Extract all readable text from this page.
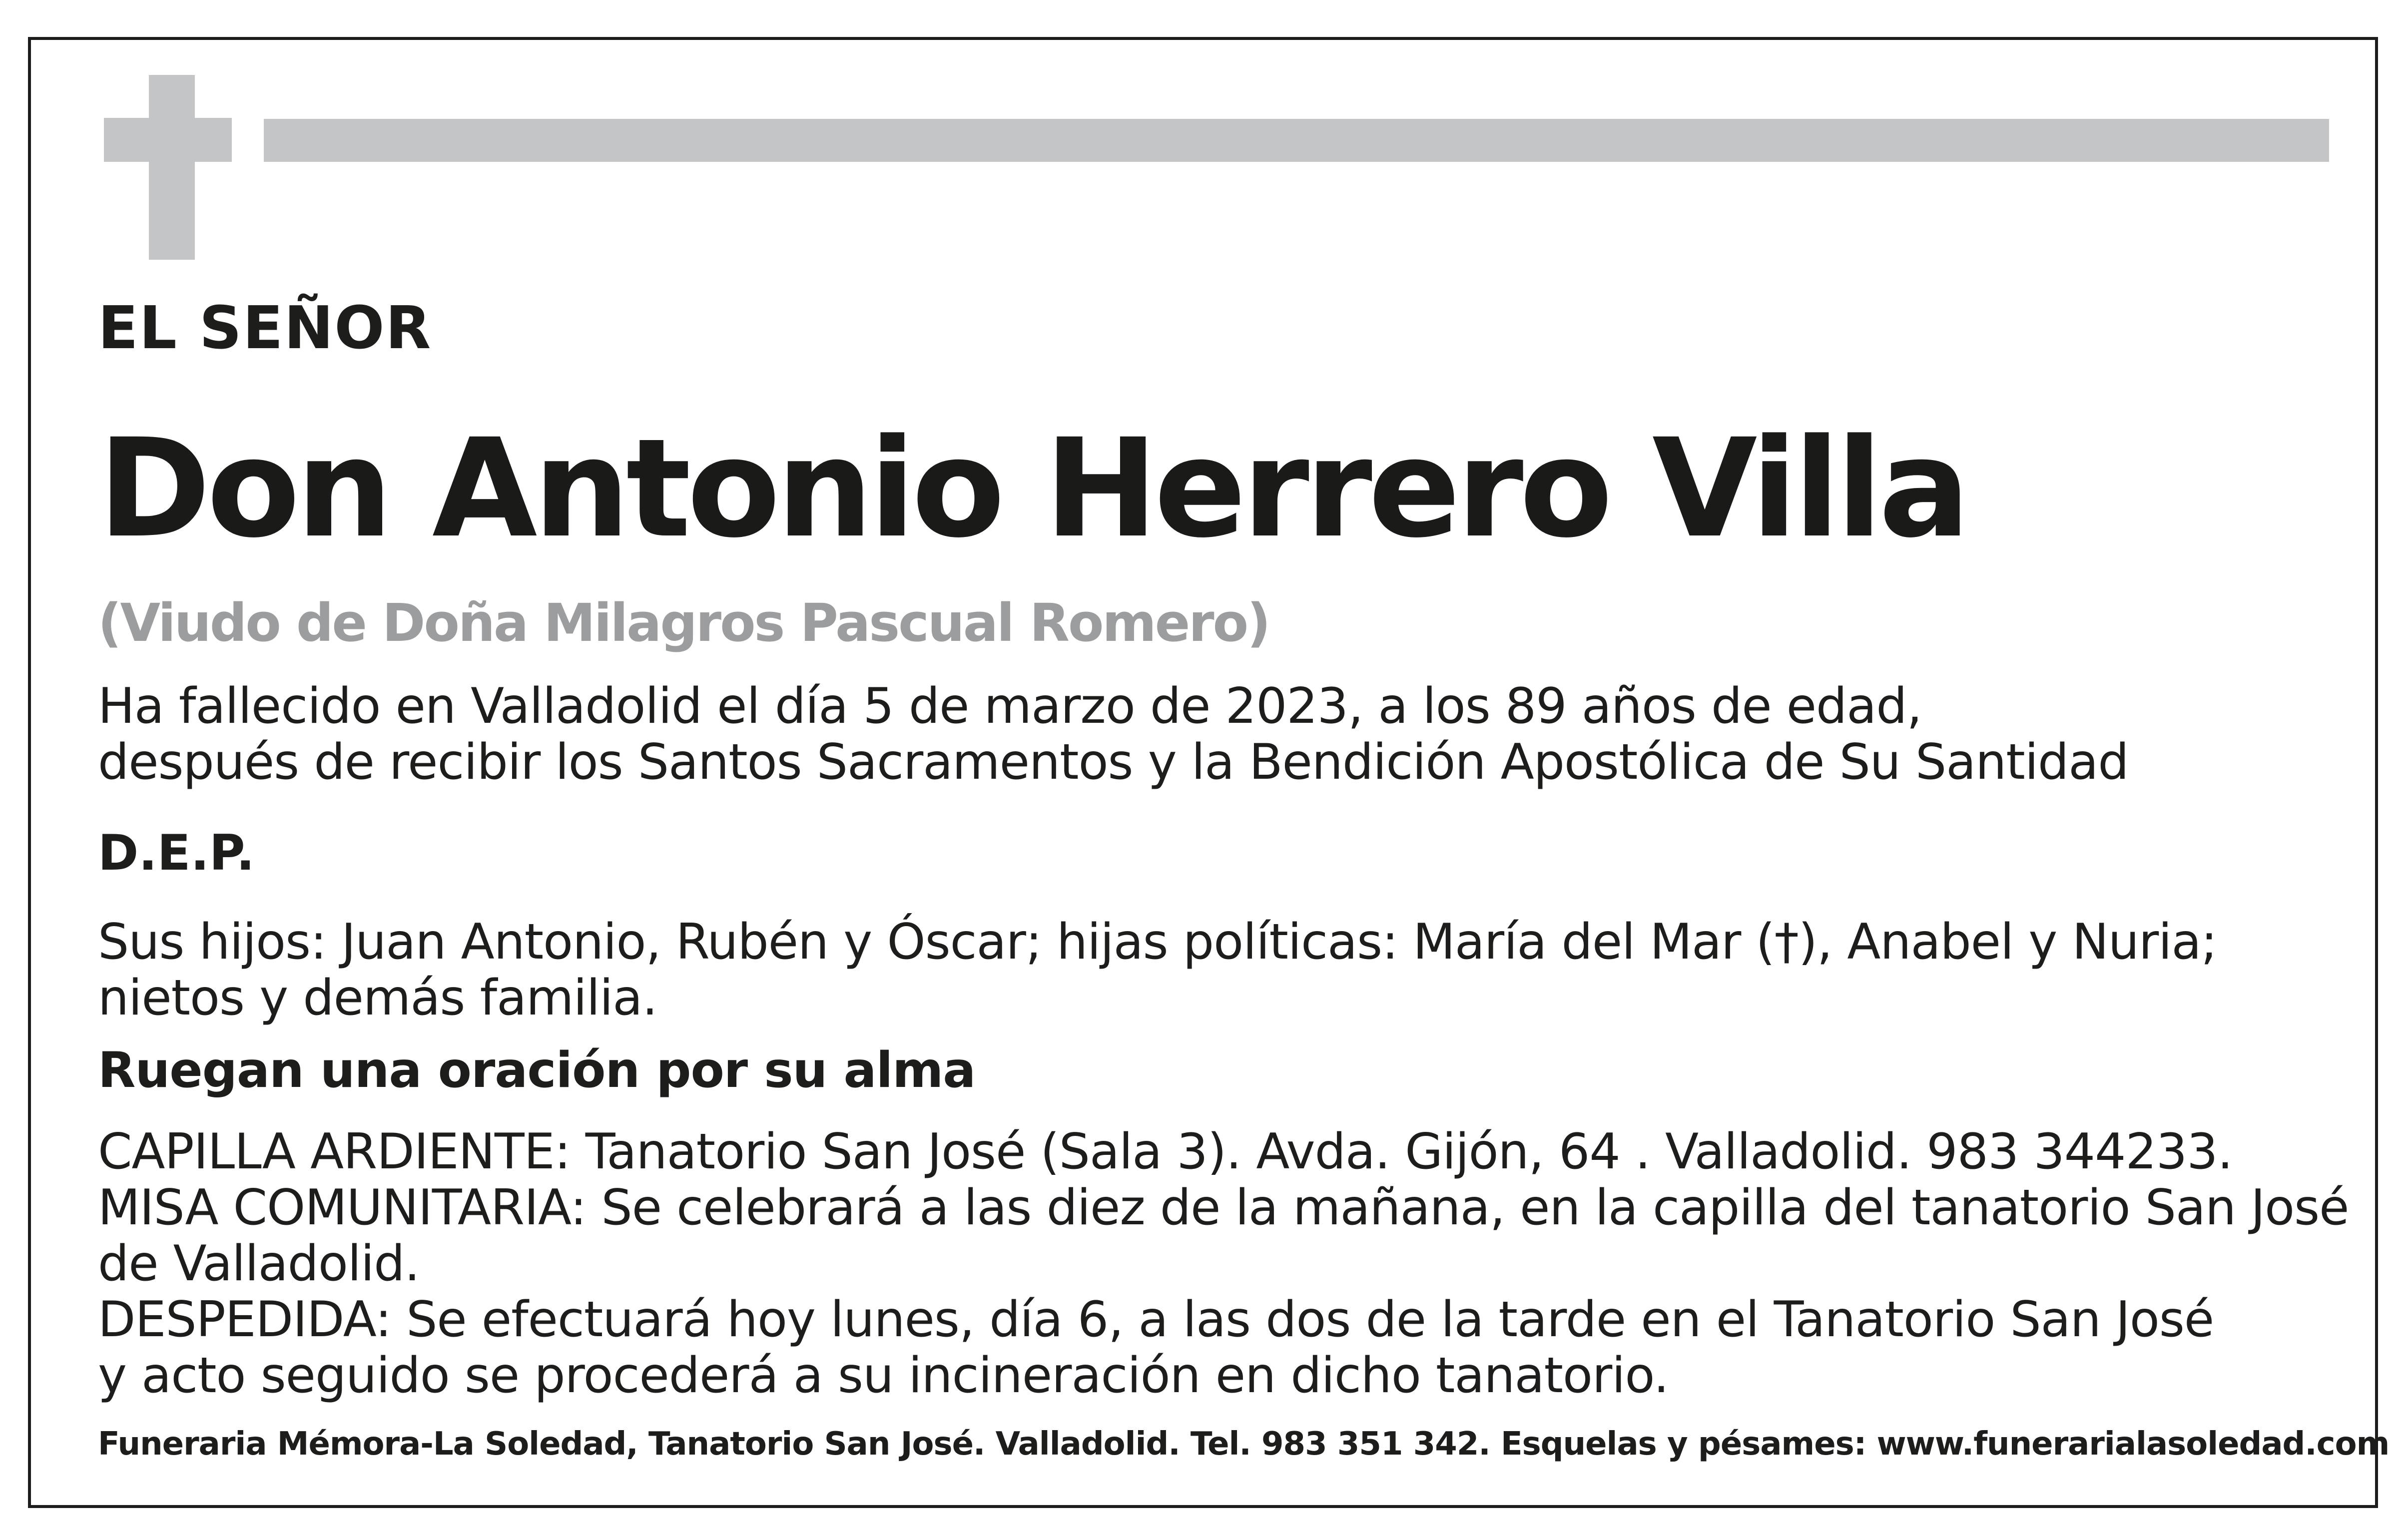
EL SEÑOR
Don Antonio Herrero Villa
(Viudo de Doña Milagros Pascual Romero)
Ha fallecido en Valladolid el día 5 de marzo de 2023, a los 89 años de edad,
después de recibir los Santos Sacramentos y la Bendición Apostólica de Su Santidad
D.E.P.
Sus hijos: Juan Antonio, Rubén y Óscar; hijas políticas: María del Mar (†), Anabel y Nuria;
nietos y demás familia.
Ruegan una oración por su alma
CAPILLA ARDIENTE: Tanatorio San José (Sala 3). Avda. Gijón, 64 . Valladolid. 983 344233.
MISA COMUNITARIA: Se celebrará a las diez de la mañana, en la capilla del tanatorio San José
de Valladolid.
DESPEDIDA: Se efectuará hoy lunes, día 6, a las dos de la tarde en el Tanatorio San José
y acto seguido se procederá a su incineración en dicho tanatorio.
Funeraria Mémora-La Soledad, Tanatorio San José. Valladolid. Tel. 983 351 342. Esquelas y pésames: www.funerarialasoledad.com
